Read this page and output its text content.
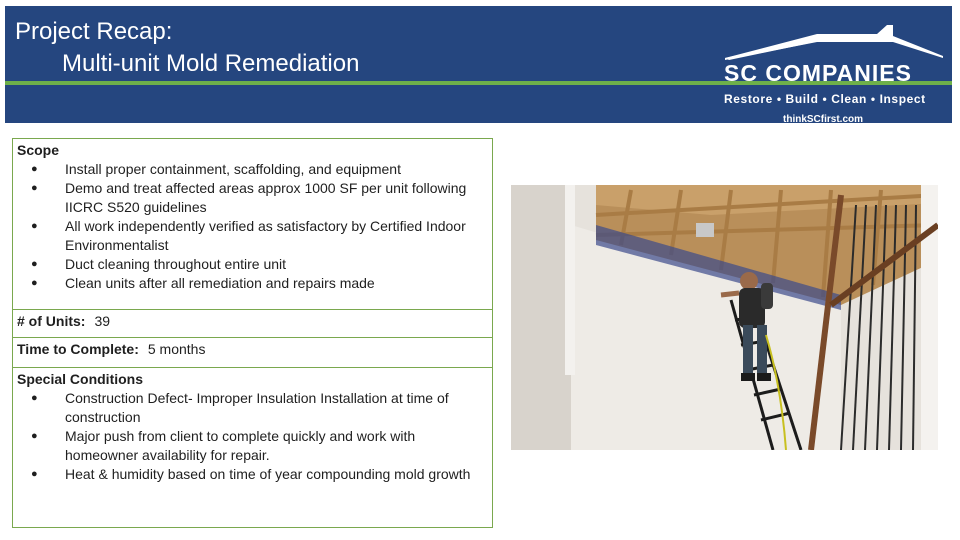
Project Recap:
Multi-unit Mold Remediation	SC COMPANIES
Restore • Build • Clean • Inspect
thinkSCfirst.com
Scope
● Install proper containment, scaffolding, and equipment
● Demo and treat affected areas approx 1000 SF per unit following IICRC S520 guidelines
● All work independently verified as satisfactory by Certified Indoor Environmentalist
● Duct cleaning throughout entire unit
● Clean units after all remediation and repairs made

# of Units: 39
Time to Complete: 5 months

Special Conditions
● Construction Defect- Improper Insulation Installation at time of construction
● Major push from client to complete quickly and work with homeowner availability for repair.
● Heat & humidity based on time of year compounding mold growth
